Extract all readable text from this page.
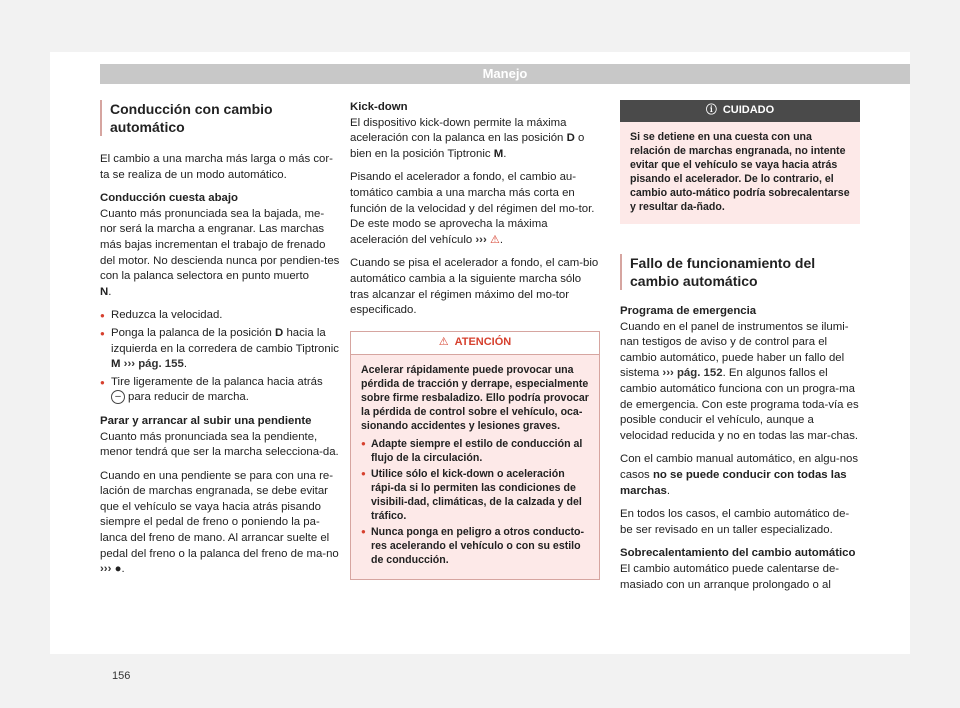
Manejo
Conducción con cambio automático

El cambio a una marcha más larga o más cor-ta se realiza de un modo automático.

Conducción cuesta abajo

Cuanto más pronunciada sea la bajada, me-nor será la marcha a engranar. Las marchas más bajas incrementan el trabajo de frenado del motor. No descienda nunca por pendien-tes con la palanca selectora en punto muerto
N.

● Reduzca la velocidad.
● Ponga la palanca de la posición D hacia la izquierda en la corredera de cambio Tiptronic M ››› pág. 155.
● Tire ligeramente de la palanca hacia atrás
– para reducir de marcha.

Parar y arrancar al subir una pendiente

Cuanto más pronunciada sea la pendiente, menor tendrá que ser la marcha selecciona-da.

Cuando en una pendiente se para con una re-lación de marchas engranada, se debe evitar que el vehículo se vaya hacia atrás pisando siempre el pedal de freno o poniendo la pa-lanca del freno de mano. Al arrancar suelte el pedal del freno o la palanca del freno de ma-no ››› ●.

Kick-down

El dispositivo kick-down permite la máxima aceleración con la palanca en las posición D o bien en la posición Tiptronic M.

Pisando el acelerador a fondo, el cambio au-tomático cambia a una marcha más corta en función de la velocidad y del régimen del mo-tor. De este modo se aprovecha la máxima aceleración del vehículo ››› ⚠.

Cuando se pisa el acelerador a fondo, el cam-bio automático cambia a la siguiente marcha sólo tras alcanzar el régimen máximo del mo-tor especificado.

⚠ ATENCIÓN

Acelerar rápidamente puede provocar una pérdida de tracción y derrape, especialmente sobre firme resbaladizo. Ello podría provocar la pérdida de control sobre el vehículo, oca-sionando accidentes y lesiones graves.

● Adapte siempre el estilo de conducción al flujo de la circulación.
● Utilice sólo el kick-down o aceleración rápi-da si lo permiten las condiciones de visibili-dad, climáticas, de la calzada y del tráfico.
● Nunca ponga en peligro a otros conducto-res acelerando el vehículo o con su estilo de conducción.
ⓘ CUIDADO
Si se detiene en una cuesta con una relación de marchas engranada, no intente evitar que el vehículo se vaya hacia atrás pisando el acelerador. De lo contrario, el cambio auto-mático podría sobrecalentarse y resultar da-ñado.
Fallo de funcionamiento del cambio automático

Programa de emergencia

Cuando en el panel de instrumentos se ilumi-nan testigos de aviso y de control para el cambio automático, puede haber un fallo del sistema ››› pág. 152. En algunos fallos el cambio automático funciona con un progra-ma de emergencia. Con este programa toda-vía es posible conducir el vehículo, aunque a velocidad reducida y no en todas las mar-chas.

Con el cambio manual automático, en algu-nos casos no se puede conducir con todas las marchas.

En todos los casos, el cambio automático de-be ser revisado en un taller especializado.

Sobrecalentamiento del cambio automático

El cambio automático puede calentarse de-masiado con un arranque prolongado o al

156
